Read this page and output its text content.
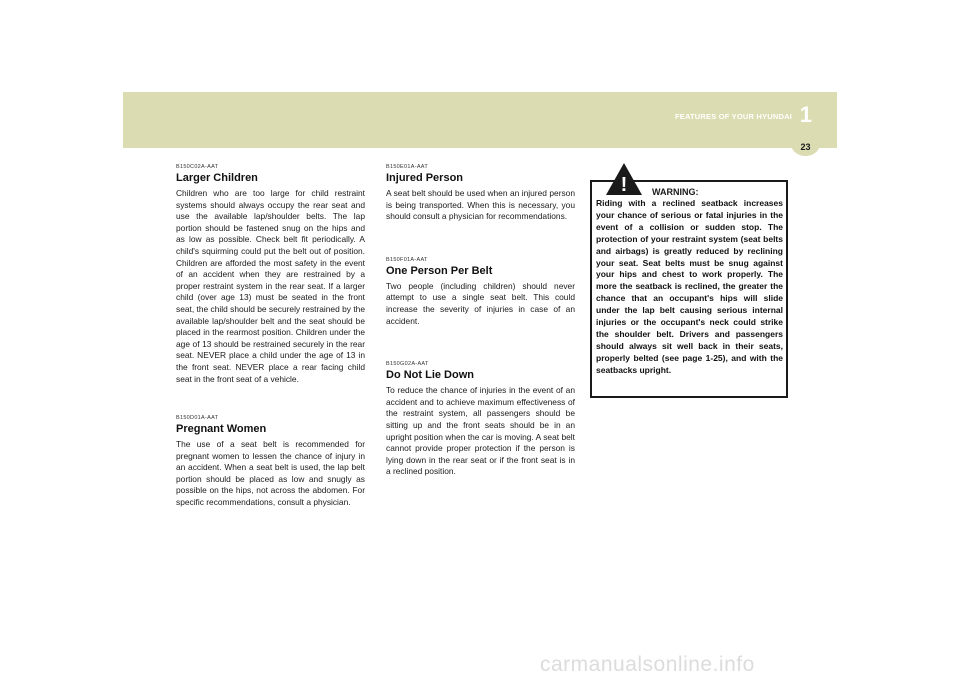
FEATURES OF YOUR HYUNDAI 1
23

B150C02A-AAT

Larger Children

Children who are too large for child restraint systems should always occupy the rear seat and use the available lap/shoulder belts. The lap portion should be fastened snug on the hips and as low as possible. Check belt fit periodically. A child's squirming could put the belt out of position. Children are afforded the most safety in the event of an accident when they are restrained by a proper restraint system in the rear seat. If a larger child (over age 13) must be seated in the front seat, the child should be securely restrained by the available lap/shoulder belt and the seat should be placed in the rearmost position. Children under the age of 13 should be restrained securely in the rear seat. NEVER place a child under the age of 13 in the front seat. NEVER place a rear facing child seat in the front seat of a vehicle.

B150D01A-AAT

Pregnant Women

The use of a seat belt is recommended for pregnant women to lessen the chance of injury in an accident. When a seat belt is used, the lap belt portion should be placed as low and snugly as possible on the hips, not across the abdomen. For specific recommendations, consult a physician.

B150E01A-AAT

Injured Person

A seat belt should be used when an injured person is being transported. When this is necessary, you should consult a physician for recommendations.

B150F01A-AAT

One Person Per Belt

Two people (including children) should never attempt to use a single seat belt. This could increase the severity of injuries in case of an accident.

B150G02A-AAT

Do Not Lie Down

To reduce the chance of injuries in the event of an accident and to achieve maximum effectiveness of the restraint system, all passengers should be sitting up and the front seats should be in an upright position when the car is moving. A seat belt cannot provide proper protection if the person is lying down in the rear seat or if the front seat is in a reclined position.

!	WARNING:

Riding with a reclined seatback increases your chance of serious or fatal injuries in the event of a collision or sudden stop. The protection of your restraint system (seat belts and airbags) is greatly reduced by reclining your seat. Seat belts must be snug against your hips and chest to work properly. The more the seatback is reclined, the greater the chance that an occupant's hips will slide under the lap belt causing serious internal injuries or the occupant's neck could strike the shoulder belt. Drivers and passengers should always sit well back in their seats, properly belted (see page 1-25), and with the seatbacks upright.

carmanualsonline.info
